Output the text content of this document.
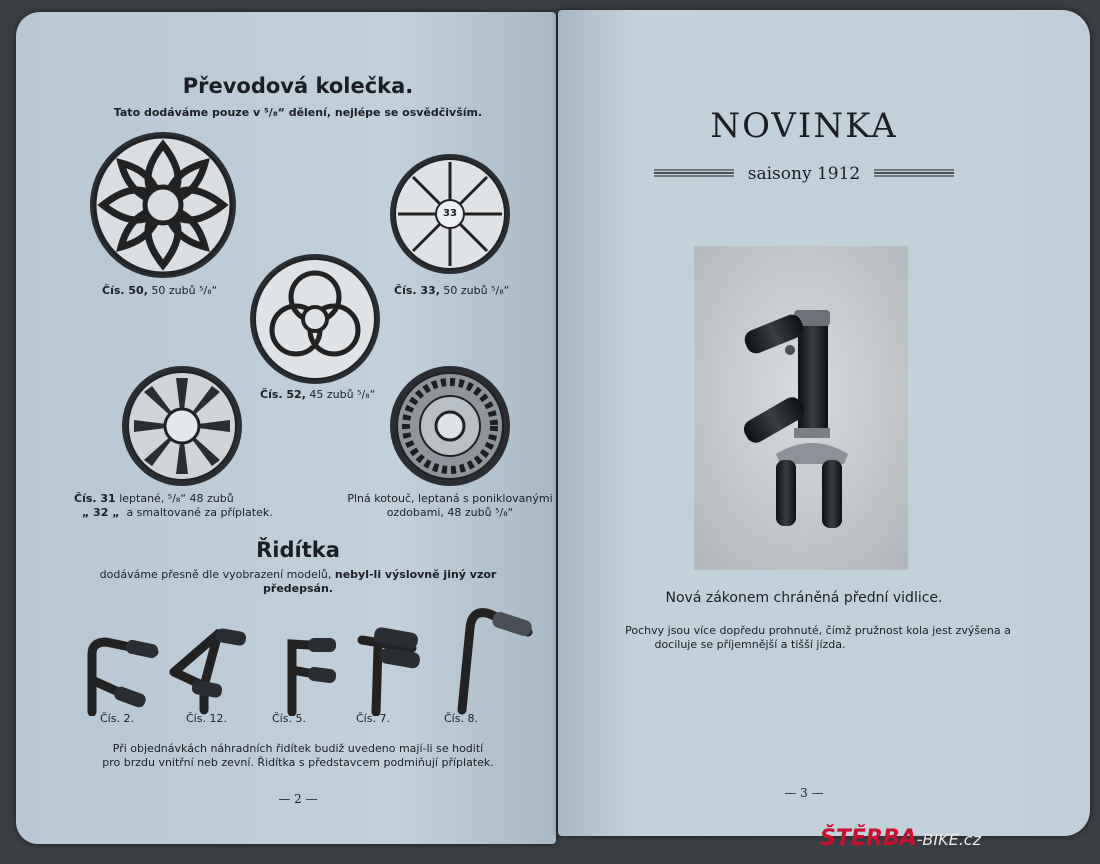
Převodová kolečka.
Tato dodáváme pouze v ⁵/₈“ dělení, nejlépe se osvědčivším.
Čís. 50, 50 zubů ⁵/₈“
33
Čís. 33, 50 zubů ⁵/₈“
Čís. 52, 45 zubů ⁵/₈“
Čís. 31 leptané, ⁵/₈“ 48 zubů
„ 32 „ a smaltované za příplatek.
Plná kotouč, leptaná s poniklovanými
ozdobami, 48 zubů ⁵/₈“
Řidítka
dodáváme přesně dle vyobrazení modelů, nebyl-li výslovně jiný vzor
předepsán.
Čís. 2.	Čís. 12.	Čís. 5.	Čís. 7.	Čís. 8.
Při objednávkách náhradních řidítek budiž uvedeno mají-li se hodití
pro brzdu vnitřní neb zevní. Řidítka s představcem podmiňují příplatek.
— 2 —
NOVINKA
saisony 1912
Nová zákonem chráněná přední vidlice.
Pochvy jsou více dopředu prohnuté, čímž pružnost kola jest zvýšena a
dociluje se příjemnější a tišší jízda.
— 3 —
ŠTĚRBA-BIKE.cz
